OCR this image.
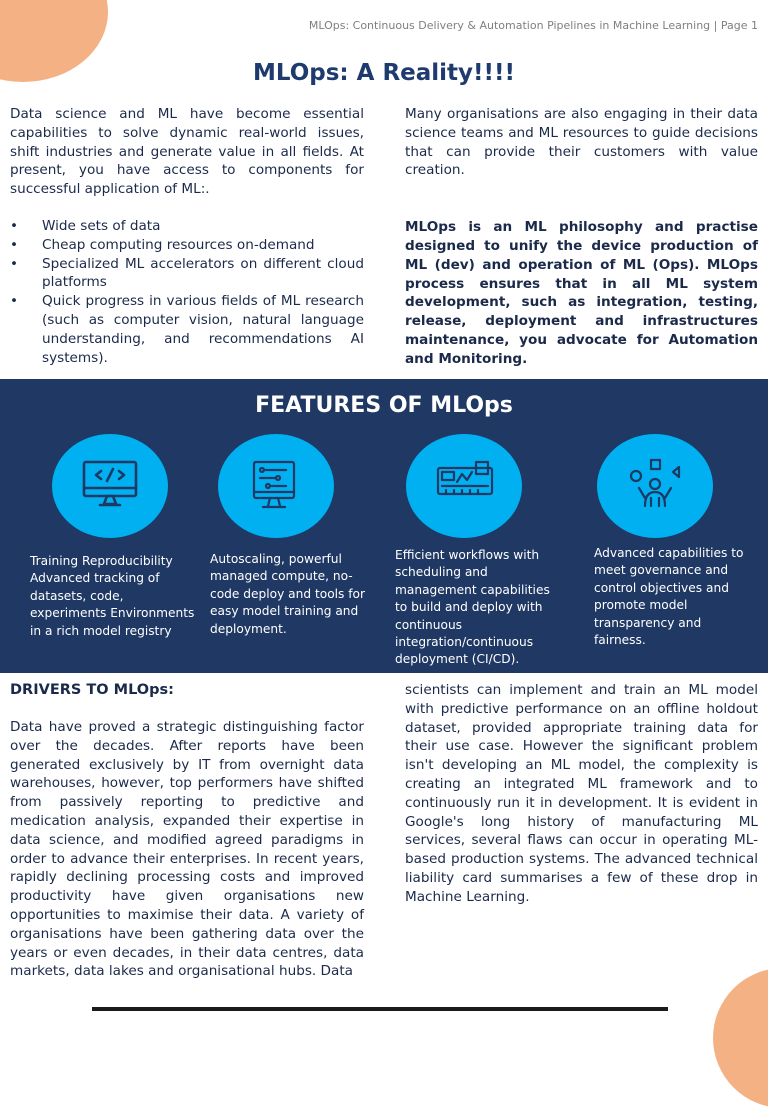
MLOps: Continuous Delivery & Automation Pipelines in Machine Learning | Page 1
MLOps: A Reality!!!!

Data science and ML have become essential capabilities to solve dynamic real-world issues, shift industries and generate value in all fields. At present, you have access to components for successful application of ML:.

• Wide sets of data
• Cheap computing resources on-demand
• Specialized ML accelerators on different cloud platforms
• Quick progress in various fields of ML research (such as computer vision, natural language understanding, and recommendations AI systems).

Many organisations are also engaging in their data science teams and ML resources to guide decisions that can provide their customers with value creation.

MLOps is an ML philosophy and practise designed to unify the device production of ML (dev) and operation of ML (Ops). MLOps process ensures that in all ML system development, such as integration, testing, release, deployment and infrastructures maintenance, you advocate for Automation and Monitoring.

FEATURES OF MLOps
Training Reproducibility Advanced tracking of datasets, code, experiments Environments in a rich model registry
Autoscaling, powerful managed compute, no-code deploy and tools for easy model training and deployment.
Efficient workflows with scheduling and management capabilities to build and deploy with continuous integration/continuous deployment (CI/CD).
Advanced capabilities to meet governance and control objectives and promote model transparency and fairness.
DRIVERS TO MLOps:

Data have proved a strategic distinguishing factor over the decades. After reports have been generated exclusively by IT from overnight data warehouses, however, top performers have shifted from passively reporting to predictive and medication analysis, expanded their expertise in data science, and modified agreed paradigms in order to advance their enterprises. In recent years, rapidly declining processing costs and improved productivity have given organisations new opportunities to maximise their data. A variety of organisations have been gathering data over the years or even decades, in their data centres, data markets, data lakes and organisational hubs. Data

scientists can implement and train an ML model with predictive performance on an offline holdout dataset, provided appropriate training data for their use case. However the significant problem isn't developing an ML model, the complexity is creating an integrated ML framework and to continuously run it in development. It is evident in Google's long history of manufacturing ML services, several flaws can occur in operating ML-based production systems. The advanced technical liability card summarises a few of these drop in Machine Learning.
